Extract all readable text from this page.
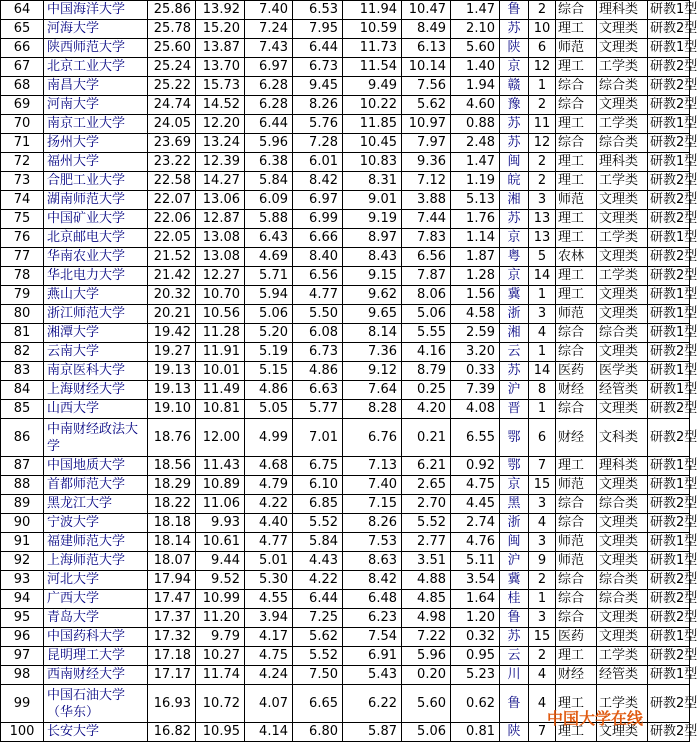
64	中国海洋大学	25.86	13.92	7.40	6.53	11.94	10.47	1.47	鲁	2	综合	理科类	研教1型
65	河海大学	25.78	15.20	7.24	7.95	10.59	8.49	2.10	苏	10	理工	文理类	研教2型
66	陕西师范大学	25.60	13.87	7.43	6.44	11.73	6.13	5.60	陕	6	师范	文理类	研教1型
67	北京工业大学	25.24	13.70	6.97	6.73	11.54	10.14	1.40	京	12	理工	工学类	研教2型
68	南昌大学	25.22	15.73	6.28	9.45	9.49	7.56	1.94	赣	1	综合	综合类	研教2型
69	河南大学	24.74	14.52	6.28	8.26	10.22	5.62	4.60	豫	2	综合	文理类	研教2型
70	南京工业大学	24.05	12.20	6.44	5.76	11.85	10.97	0.88	苏	11	理工	工学类	研教1型
71	扬州大学	23.69	13.24	5.96	7.28	10.45	7.97	2.48	苏	12	综合	综合类	研教2型
72	福州大学	23.22	12.39	6.38	6.01	10.83	9.36	1.47	闽	2	理工	理科类	研教1型
73	合肥工业大学	22.58	14.27	5.84	8.42	8.31	7.12	1.19	皖	2	理工	工学类	研教2型
74	湖南师范大学	22.07	13.06	6.09	6.97	9.01	3.88	5.13	湘	3	师范	文理类	研教2型
75	中国矿业大学	22.06	12.87	5.88	6.99	9.19	7.44	1.76	苏	13	理工	文理类	研教2型
76	北京邮电大学	22.05	13.08	6.43	6.66	8.97	7.83	1.14	京	13	理工	工学类	研教1型
77	华南农业大学	21.52	13.08	4.69	8.40	8.43	6.56	1.87	粤	5	农林	文理类	研教2型
78	华北电力大学	21.42	12.27	5.71	6.56	9.15	7.87	1.28	京	14	理工	工学类	研教2型
79	燕山大学	20.32	10.70	5.94	4.77	9.62	8.06	1.56	冀	1	理工	文理类	研教1型
80	浙江师范大学	20.21	10.56	5.06	5.50	9.65	5.06	4.58	浙	3	师范	文理类	研教1型
81	湘潭大学	19.42	11.28	5.20	6.08	8.14	5.55	2.59	湘	4	综合	综合类	研教1型
82	云南大学	19.27	11.91	5.19	6.73	7.36	4.16	3.20	云	1	综合	文理类	研教2型
83	南京医科大学	19.13	10.01	5.15	4.86	9.12	8.79	0.33	苏	14	医药	医学类	研教1型
84	上海财经大学	19.13	11.49	4.86	6.63	7.64	0.25	7.39	沪	8	财经	经管类	研教1型
85	山西大学	19.10	10.81	5.05	5.77	8.28	4.20	4.08	晋	1	综合	文理类	研教2型
86	中南财经政法大学	18.76	12.00	4.99	7.01	6.76	0.21	6.55	鄂	6	财经	文科类	研教2型
87	中国地质大学	18.56	11.43	4.68	6.75	7.13	6.21	0.92	鄂	7	理工	理科类	研教1型
88	首都师范大学	18.29	10.89	4.79	6.10	7.40	2.65	4.75	京	15	师范	文理类	研教1型
89	黑龙江大学	18.22	11.06	4.22	6.85	7.15	2.70	4.45	黑	3	综合	综合类	研教2型
90	宁波大学	18.18	9.93	4.40	5.52	8.26	5.52	2.74	浙	4	综合	文理类	研教2型
91	福建师范大学	18.14	10.61	4.77	5.84	7.53	2.77	4.76	闽	3	师范	文理类	研教1型
92	上海师范大学	18.07	9.44	5.01	4.43	8.63	3.51	5.11	沪	9	师范	文理类	研教1型
93	河北大学	17.94	9.52	5.30	4.22	8.42	4.88	3.54	冀	2	综合	综合类	研教2型
94	广西大学	17.47	10.99	4.55	6.44	6.48	4.85	1.64	桂	1	综合	综合类	研教2型
95	青岛大学	17.37	11.20	3.94	7.25	6.23	4.98	1.20	鲁	3	综合	文理类	研教2型
96	中国药科大学	17.32	9.79	4.17	5.62	7.54	7.22	0.32	苏	15	医药	文理类	研教1型
97	昆明理工大学	17.18	10.27	4.75	5.52	6.91	5.96	0.95	云	2	理工	工学类	研教2型
98	西南财经大学	17.17	11.74	4.24	7.50	5.43	0.20	5.23	川	4	财经	经管类	研教1型
99	中国石油大学（华东）	16.93	10.72	4.07	6.65	6.22	5.60	0.62	鲁	4	理工	工学类	研教2型
100	长安大学	16.82	10.95	4.14	6.80	5.87	5.06	0.81	陕	7	理工	文理类	研教2型
中国大学在线
